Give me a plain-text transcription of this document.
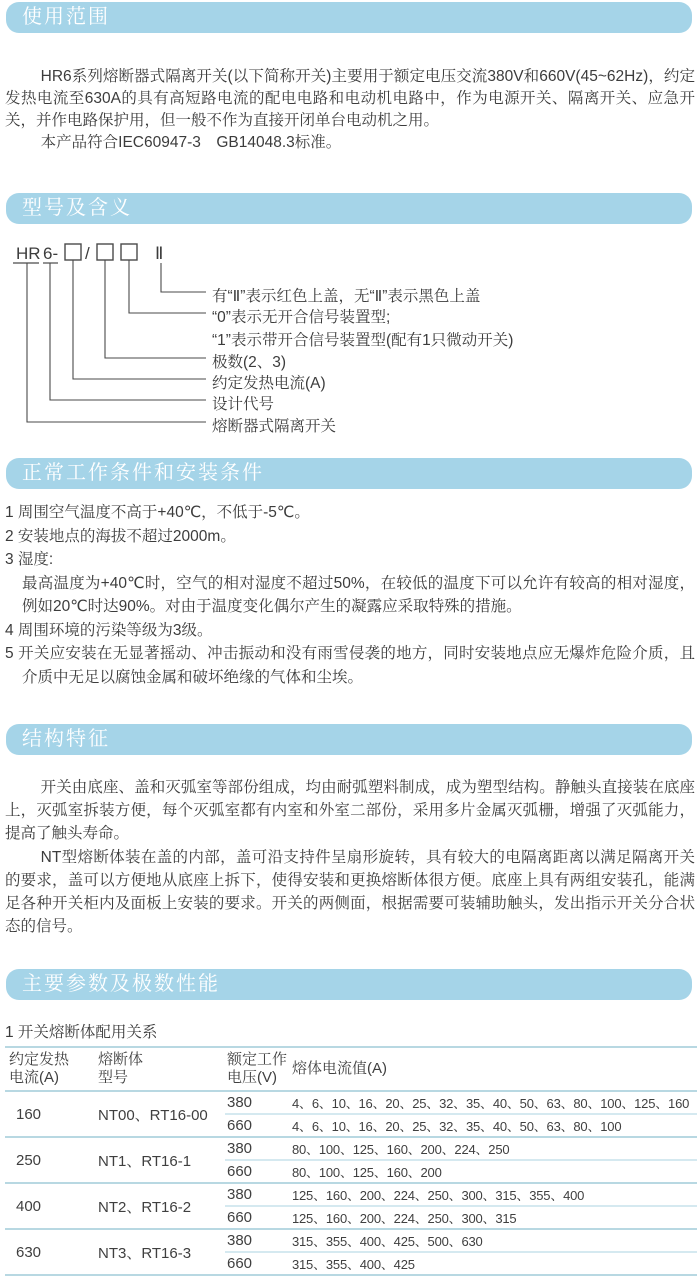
使用范围

HR6系列熔断器式隔离开关(以下简称开关)主要用于额定电压交流380V和660V(45~62Hz)，约定发热电流至630A的具有高短路电流的配电电路和电动机电路中，作为电源开关、隔离开关、应急开关，并作电路保护用，但一般不作为直接开闭单台电动机之用。

本产品符合IEC60947-3　GB14048.3标准。

型号及含义
HR 6- /	Ⅱ
有“Ⅱ”表示红色上盖，无“Ⅱ”表示黑色上盖
“0”表示无开合信号装置型;
“1”表示带开合信号装置型(配有1只微动开关)
极数(2、3)
约定发热电流(A)
设计代号
熔断器式隔离开关
正常工作条件和安装条件
1 周围空气温度不高于+40℃，不低于-5℃。
2 安装地点的海拔不超过2000m。
3 湿度:
最高温度为+40℃时，空气的相对湿度不超过50%，在较低的温度下可以允许有较高的相对湿度，例如20℃时达90%。对由于温度变化偶尔产生的凝露应采取特殊的措施。
4 周围环境的污染等级为3级。
5 开关应安装在无显著摇动、冲击振动和没有雨雪侵袭的地方，同时安装地点应无爆炸危险介质，且介质中无足以腐蚀金属和破坏绝缘的气体和尘埃。
结构特征

开关由底座、盖和灭弧室等部份组成，均由耐弧塑料制成，成为塑型结构。静触头直接装在底座上，灭弧室拆装方便，每个灭弧室都有内室和外室二部份，采用多片金属灭弧栅，增强了灭弧能力，提高了触头寿命。

NT型熔断体装在盖的内部，盖可沿支持件呈扇形旋转，具有较大的电隔离距离以满足隔离开关的要求，盖可以方便地从底座上拆下，使得安装和更换熔断体很方便。底座上具有两组安装孔，能满足各种开关柜内及面板上安装的要求。开关的两侧面，根据需要可装辅助触头，发出指示开关分合状态的信号。

主要参数及极数性能
1 开关熔断体配用关系
约定发热
电流(A)	熔断体
型号	额定工作
电压(V)	熔体电流值(A)

160	NT00、RT16-00	380	4、6、10、16、20、25、32、35、40、50、63、80、100、125、160
		660	4、6、10、16、20、25、32、35、40、50、63、80、100
250	NT1、RT16-1	380	80、100、125、160、200、224、250
		660	80、100、125、160、200
400	NT2、RT16-2	380	125、160、200、224、250、300、315、355、400
		660	125、160、200、224、250、300、315
630	NT3、RT16-3	380	315、355、400、425、500、630
		660	315、355、400、425
